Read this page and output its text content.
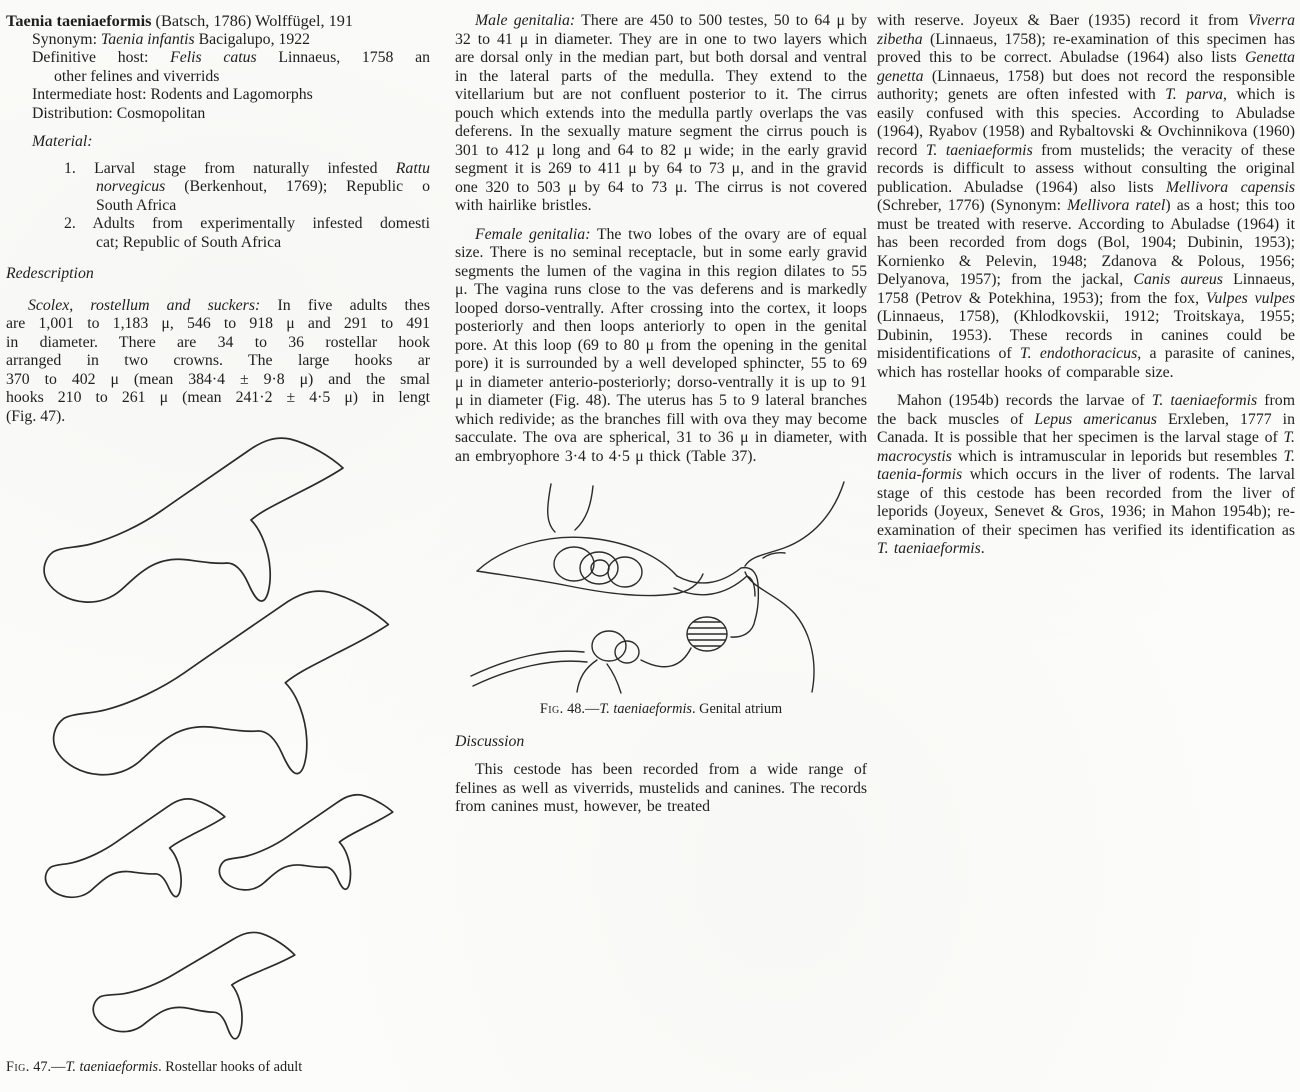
Taenia taeniaeformis (Batsch, 1786) Wolffügel, 191
Synonym: Taenia infantis Bacigalupo, 1922
Definitive host: Felis catus Linnaeus, 1758 an
other felines and viverrids
Intermediate host: Rodents and Lagomorphs
Distribution: Cosmopolitan
Material:
1. Larval stage from naturally infested Rattu
norvegicus (Berkenhout, 1769); Republic o
South Africa
2. Adults from experimentally infested domesti
cat; Republic of South Africa
Redescription
Scolex, rostellum and suckers: In five adults thes
are 1,001 to 1,183 μ, 546 to 918 μ and 291 to 491
in diameter. There are 34 to 36 rostellar hook
arranged in two crowns. The large hooks ar
370 to 402 μ (mean 384·4 ± 9·8 μ) and the smal
hooks 210 to 261 μ (mean 241·2 ± 4·5 μ) in lengt
(Fig. 47).
Fig. 47.—T. taeniaeformis. Rostellar hooks of adult

Male genitalia: There are 450 to 500 testes, 50 to 64 μ by 32 to 41 μ in diameter. They are in one to two layers which are dorsal only in the median part, but both dorsal and ventral in the lateral parts of the medulla. They extend to the vitellarium but are not confluent posterior to it. The cirrus pouch which extends into the medulla partly overlaps the vas deferens. In the sexually mature segment the cirrus pouch is 301 to 412 μ long and 64 to 82 μ wide; in the early gravid segment it is 269 to 411 μ by 64 to 73 μ, and in the gravid one 320 to 503 μ by 64 to 73 μ. The cirrus is not covered with hairlike bristles.

Female genitalia: The two lobes of the ovary are of equal size. There is no seminal receptacle, but in some early gravid segments the lumen of the vagina in this region dilates to 55 μ. The vagina runs close to the vas deferens and is markedly looped dorso-ventrally. After crossing into the cortex, it loops posteriorly and then loops anteriorly to open in the genital pore. At this loop (69 to 80 μ from the opening in the genital pore) it is surrounded by a well developed sphincter, 55 to 69 μ in diameter anterio-posteriorly; dorso-ventrally it is up to 91 μ in diameter (Fig. 48). The uterus has 5 to 9 lateral branches which redivide; as the branches fill with ova they may become sacculate. The ova are spherical, 31 to 36 μ in diameter, with an embryophore 3·4 to 4·5 μ thick (Table 37).

Fig. 48.—T. taeniaeformis. Genital atrium
Discussion

This cestode has been recorded from a wide range of felines as well as viverrids, mustelids and canines. The records from canines must, however, be treated

with reserve. Joyeux & Baer (1935) record it from Viverra zibetha (Linnaeus, 1758); re-examination of this specimen has proved this to be correct. Abuladse (1964) also lists Genetta genetta (Linnaeus, 1758) but does not record the responsible authority; genets are often infested with T. parva, which is easily confused with this species. According to Abuladse (1964), Ryabov (1958) and Rybaltovski & Ovchinnikova (1960) record T. taeniaeformis from mustelids; the veracity of these records is difficult to assess without consulting the original publication. Abuladse (1964) also lists Mellivora capensis (Schreber, 1776) (Synonym: Mellivora ratel) as a host; this too must be treated with reserve. According to Abuladse (1964) it has been recorded from dogs (Bol, 1904; Dubinin, 1953); Kornienko & Pelevin, 1948; Zdanova & Polous, 1956; Delyanova, 1957); from the jackal, Canis aureus Linnaeus, 1758 (Petrov & Potekhina, 1953); from the fox, Vulpes vulpes (Linnaeus, 1758), (Khlodkovskii, 1912; Troitskaya, 1955; Dubinin, 1953). These records in canines could be misidentifications of T. endothoracicus, a parasite of canines, which has rostellar hooks of comparable size.

Mahon (1954b) records the larvae of T. taeniaeformis from the back muscles of Lepus americanus Erxleben, 1777 in Canada. It is possible that her specimen is the larval stage of T. macrocystis which is intramuscular in leporids but resembles T. taenia‐formis which occurs in the liver of rodents. The larval stage of this cestode has been recorded from the liver of leporids (Joyeux, Senevet & Gros, 1936; in Mahon 1954b); re-examination of their specimen has verified its identification as T. taeniaeformis.
